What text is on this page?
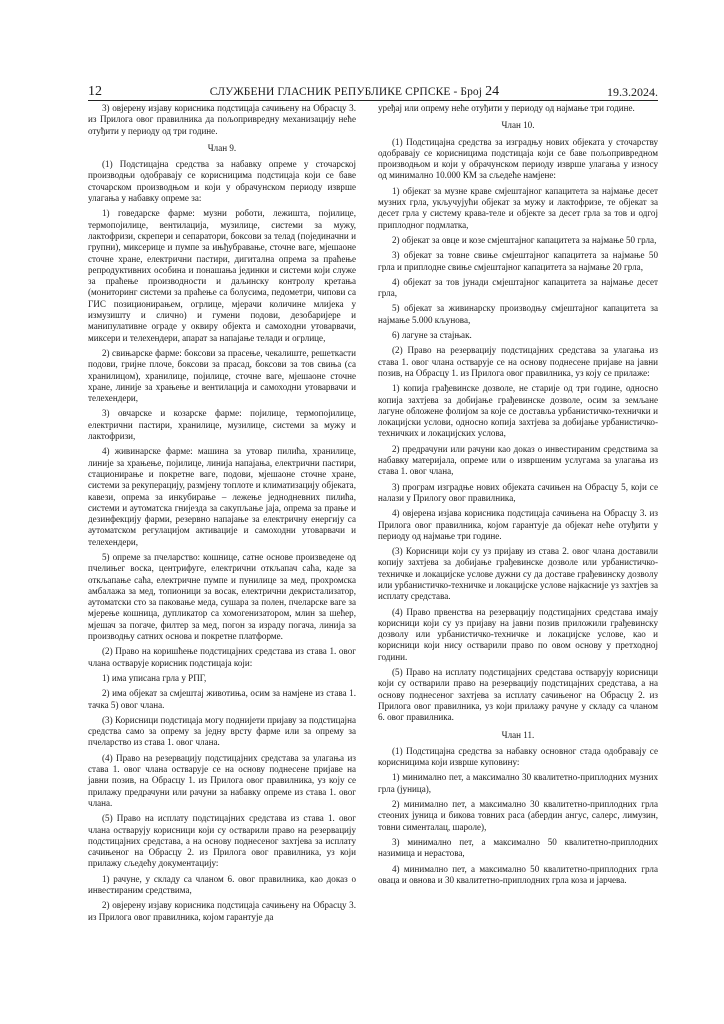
12	СЛУЖБЕНИ ГЛАСНИК РЕПУБЛИКЕ СРПСКЕ - Број 24	19.3.2024.

3) овјерену изјаву корисника подстицаја сачињену на Обрасцу 3. из Прилога овог правилника да пољопривредну механизацију неће отуђити у периоду од три године.

Члан 9.

(1) Подстицајна средства за набавку опреме у сточарској производњи одобравају се корисницима подстицаја који се баве сточарском производњом и који у обрачунском периоду изврше улагања у набавку опреме за:

1) говедарске фарме: музни роботи, лежишта, појилице, термопојилице, вентилација, музилице, системи за мужу, лактофризи, скрепери и сепаратори, боксови за телад (појединачни и групни), миксерице и пумпе за ињђубравање, сточне ваге, мјешаоне сточне хране, електрични пастири, дигитална опрема за праћење репродуктивних особина и понашања јединки и системи који служе за праћење производности и даљинску контролу кретања (мониторинг системи за праћење са болусима, педометри, чипови са ГИС позиционирањем, огрлице, мјерачи количине млијека у измузишту и слично) и гумени подови, дезобаријере и манипулативне ограде у оквиру објекта и самоходни утоварвачи, миксери и телехендери, апарат за напајање телади и огрлице,

2) свињарске фарме: боксови за прасење, чекалиште, решеткасти подови, гријне плоче, боксови за прасад, боксови за тов свиња (са хранилицом), хранилице, појилице, сточне ваге, мјешаоне сточне хране, линије за храњење и вентилација и самоходни утоварвачи и телехендери,

3) овчарске и козарске фарме: појилице, термопојилице, електрични пастири, хранилице, музилице, системи за мужу и лактофризи,

4) живинарске фарме: машина за утовар пилића, хранилице, линије за храњење, појилице, линија напајања, електрични пастири, стационирање и покретне ваге, подови, мјешаоне сточне хране, системи за рекуперацију, размјену топлоте и климатизацију објеката, кавези, опрема за инкубирање – лежење једнодневних пилића, системи и аутоматска гнијезда за сакупљање јаја, опрема за прање и дезинфекцију фарми, резервно напајање за електричну енергију са аутоматском регулацијом активације и самоходни утоварвачи и телехендери,

5) опреме за пчеларство: кошнице, сатне основе произведене од пчелињег воска, центрифуге, електрични откљапач саћа, каде за откљапање саћа, електричне пумпе и пунилице за мед, прохромска амбалажа за мед, топионици за восак, електрични декристализатор, аутоматски сто за паковање меда, сушара за полен, пчеларске ваге за мјерење кошница, дупликатор са хомогенизатором, млин за шећер, мјешач за погаче, филтер за мед, погон за израду погача, линија за производњу сатних основа и покретне платформе.

(2) Право на коришћење подстицајних средстава из става 1. овог члана остварује корисник подстицаја који:

1) има уписана грла у РПГ,

2) има објекат за смјештај животиња, осим за намјене из става 1. тачка 5) овог члана.

(3) Корисници подстицаја могу поднијети пријаву за подстицајна средства само за опрему за једну врсту фарме или за опрему за пчеларство из става 1. овог члана.

(4) Право на резервацију подстицајних средстава за улагања из става 1. овог члана остварује се на основу поднесене пријаве на јавни позив, на Обрасцу 1. из Прилога овог правилника, уз коју се прилажу предрачуни или рачуни за набавку опреме из става 1. овог члана.

(5) Право на исплату подстицајних средстава из става 1. овог члана остварују корисници који су остварили право на резервацију подстицајних средстава, а на основу поднесеног захтјева за исплату сачињеног на Обрасцу 2. из Прилога овог правилника, уз који прилажу сљедећу документацију:

1) рачуне, у складу са чланом 6. овог правилника, као доказ о инвестираним средствима,

2) овјерену изјаву корисника подстицаја сачињену на Обрасцу 3. из Прилога овог правилника, којом гарантује да

уређај или опрему неће отуђити у периоду од најмање три године.

Члан 10.

(1) Подстицајна средства за изградњу нових објеката у сточарству одобравају се корисницима подстицаја који се баве пољопривредном производњом и који у обрачунском периоду изврше улагања у износу од минимално 10.000 КМ за сљедеће намјене:

1) објекат за музне краве смјештајног капацитета за најмање десет музних грла, укључујући објекат за мужу и лактофризе, те објекат за десет грла у систему крава-теле и објекте за десет грла за тов и одгој приплодног подмлатка,

2) објекат за овце и козе смјештајног капацитета за најмање 50 грла,

3) објекат за товне свиње смјештајног капацитета за најмање 50 грла и приплодне свиње смјештајног капацитета за најмање 20 грла,

4) објекат за тов јунади смјештајног капацитета за најмање десет грла,

5) објекат за живинарску производњу смјештајног капацитета за најмање 5.000 кљунова,

6) лагуне за стајњак.

(2) Право на резервацију подстицајних средстава за улагања из става 1. овог члана остварује се на основу поднесене пријаве на јавни позив, на Обрасцу 1. из Прилога овог правилника, уз коју се прилаже:

1) копија грађевинске дозволе, не старије од три године, односно копија захтјева за добијање грађевинске дозволе, осим за земљане лагуне обложене фолијом за које се доставља урбанистичко-технички и локацијски услови, односно копија захтјева за добијање урбанистичко-техничких и локацијских услова,

2) предрачуни или рачуни као доказ о инвестираним средствима за набавку материјала, опреме или о извршеним услугама за улагања из става 1. овог члана,

3) програм изградње нових објеката сачињен на Обрасцу 5, који се налази у Прилогу овог правилника,

4) овјерена изјава корисника подстицаја сачињена на Обрасцу 3. из Прилога овог правилника, којом гарантује да објекат неће отуђити у периоду од најмање три године.

(3) Корисници који су уз пријаву из става 2. овог члана доставили копију захтјева за добијање грађевинске дозволе или урбанистичко-техничке и локацијске услове дужни су да доставе грађевинску дозволу или урбанистичко-техничке и локацијске услове најкасније уз захтјев за исплату средстава.

(4) Право првенства на резервацију подстицајних средстава имају корисници који су уз пријаву на јавни позив приложили грађевинску дозволу или урбанистичко-техничке и локацијске услове, као и корисници који нису остварили право по овом основу у претходној години.

(5) Право на исплату подстицајних средстава остварују корисници који су остварили право на резервацију подстицајних средстава, а на основу поднесеног захтјева за исплату сачињеног на Обрасцу 2. из Прилога овог правилника, уз који прилажу рачуне у складу са чланом 6. овог правилника.

Члан 11.

(1) Подстицајна средства за набавку основног стада одобравају се корисницима који изврше куповину:

1) минимално пет, а максимално 30 квалитетно-приплодних музних грла (јуница),

2) минимално пет, а максимално 30 квалитетно-приплодних грла стеоних јуница и бикова товних раса (абердин ангус, салерс, лимузин, товни сименталац, шароле),

3) минимално пет, а максимално 50 квалитетно-приплодних назимица и нерастова,

4) минимално пет, а максимално 50 квалитетно-приплодних грла оваца и овнова и 30 квалитетно-приплодних грла коза и јарчева.
